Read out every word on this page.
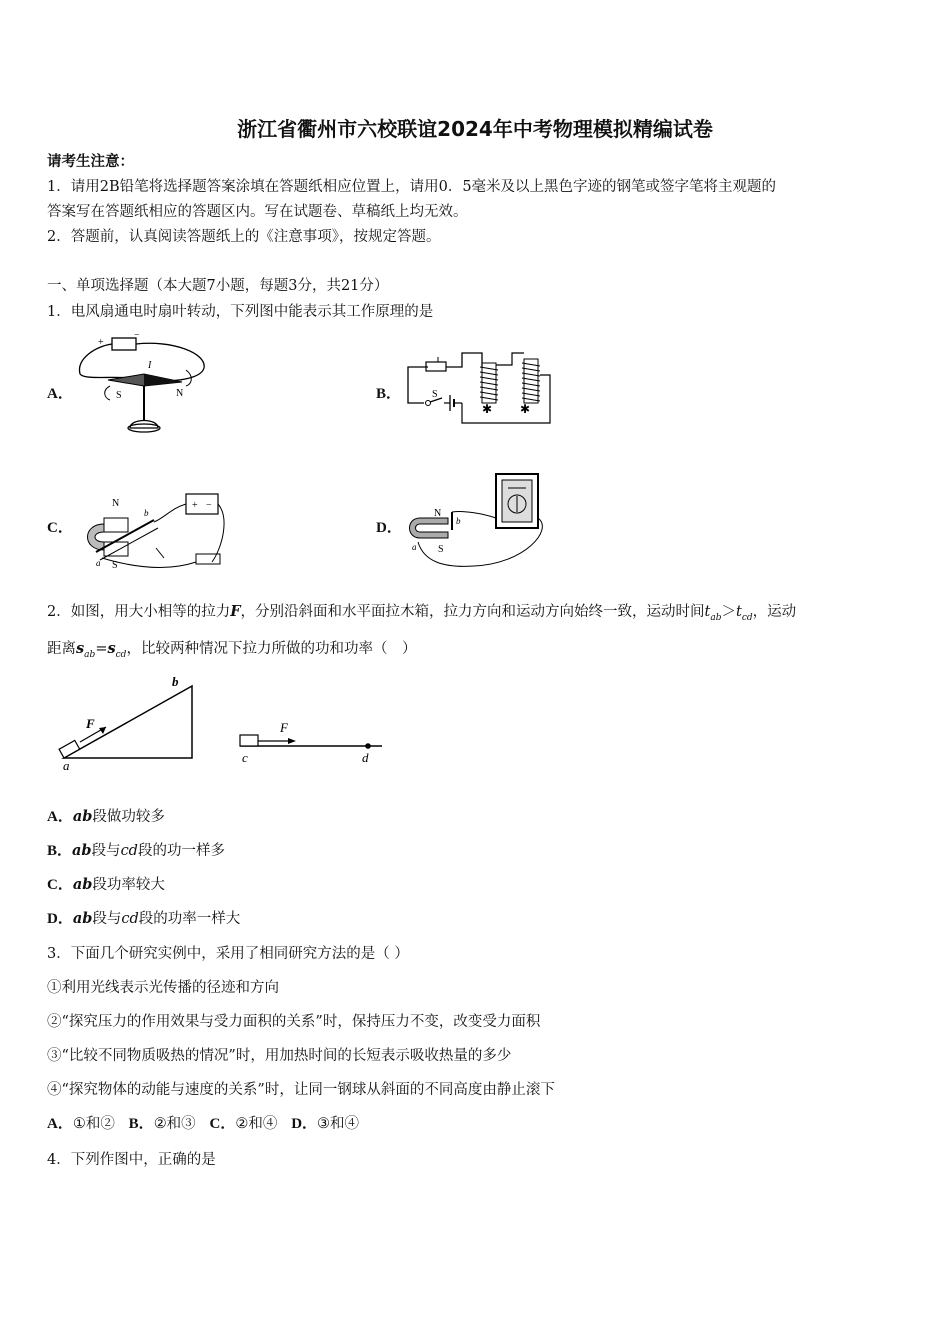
浙江省衢州市六校联谊2024年中考物理模拟精编试卷
请考生注意：
1．请用2B铅笔将选择题答案涂填在答题纸相应位置上，请用0．5毫米及以上黑色字迹的钢笔或签字笔将主观题的
答案写在答题纸相应的答题区内。写在试题卷、草稿纸上均无效。
2．答题前，认真阅读答题纸上的《注意事项》，按规定答题。
一、单项选择题（本大题7小题，每题3分，共21分）
1．电风扇通电时扇叶转动，下列图中能表示其工作原理的是
A．	B．
C．	D．
+
−
I
S	N
✱ ✱
S
N
S
a
b
+ −
N
S
b
a
2．如图，用大小相等的拉力F，分别沿斜面和水平面拉木箱，拉力方向和运动方向始终一致，运动时间$t_{ab}>t_{cd}$，运动
距离$s_{ab}=s_{cd}$，比较两种情况下拉力所做的功和功率（　）
F
a
b
F
c	d
A．ab段做功较多
B．ab段与cd段的功一样多
C．ab段功率较大
D．ab段与cd段的功率一样大
3．下面几个研究实例中，采用了相同研究方法的是（ ）
①利用光线表示光传播的径迹和方向
②“探究压力的作用效果与受力面积的关系”时，保持压力不变，改变受力面积
③“比较不同物质吸热的情况”时，用加热时间的长短表示吸收热量的多少
④“探究物体的动能与速度的关系”时，让同一钢球从斜面的不同高度由静止滚下
A．①和② B．②和③ C．②和④ D．③和④
4．下列作图中，正确的是
